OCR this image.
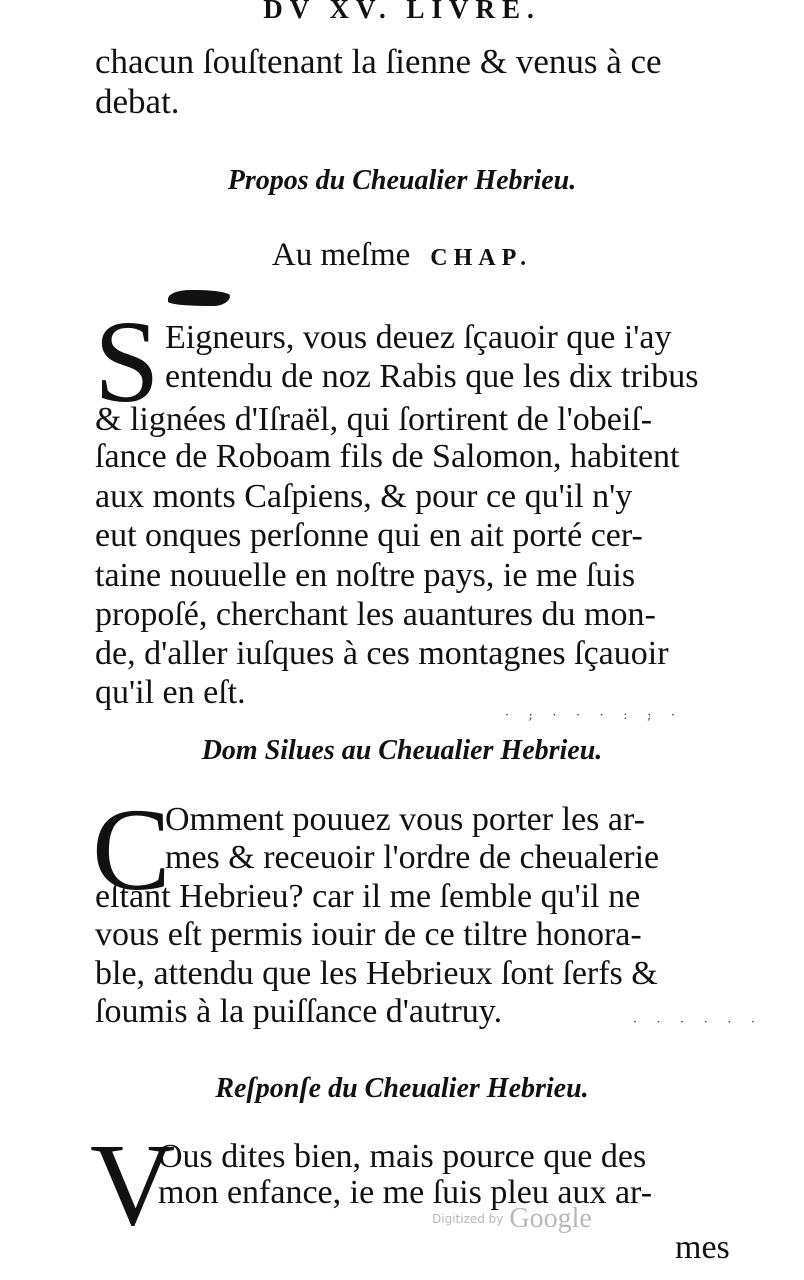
DV XV. LIVRE.
chacun ſouſtenant la ſienne & venus à ce
debat.
Propos du Cheualier Hebrieu.
Au meſme CHAP.
S Eigneurs, vous deuez ſçauoir que i'ay
entendu de noz Rabis que les dix tribus
& lignées d'Iſraël, qui ſortirent de l'obeiſ-
ſance de Roboam fils de Salomon, habitent
aux monts Caſpiens, & pour ce qu'il n'y
eut onques perſonne qui en ait porté cer-
taine nouuelle en noſtre pays, ie me ſuis
propoſé, cherchant les auantures du mon-
de, d'aller iuſques à ces montagnes ſçauoir
qu'il en eſt.
· ; · · · : ; ·
Dom Silues au Cheualier Hebrieu.
C
Omment pouuez vous porter les ar-
mes & receuoir l'ordre de cheualerie
eſtant Hebrieu? car il me ſemble qu'il ne
vous eſt permis iouir de ce tiltre honora-
ble, attendu que les Hebrieux ſont ſerfs &
ſoumis à la puiſſance d'autruy.	· · · · · ·
Reſponſe du Cheualier Hebrieu.
V
Ous dites bien, mais pource que des
mon enfance, ie me ſuis pleu aux ar-
mes
Digitized by Google
